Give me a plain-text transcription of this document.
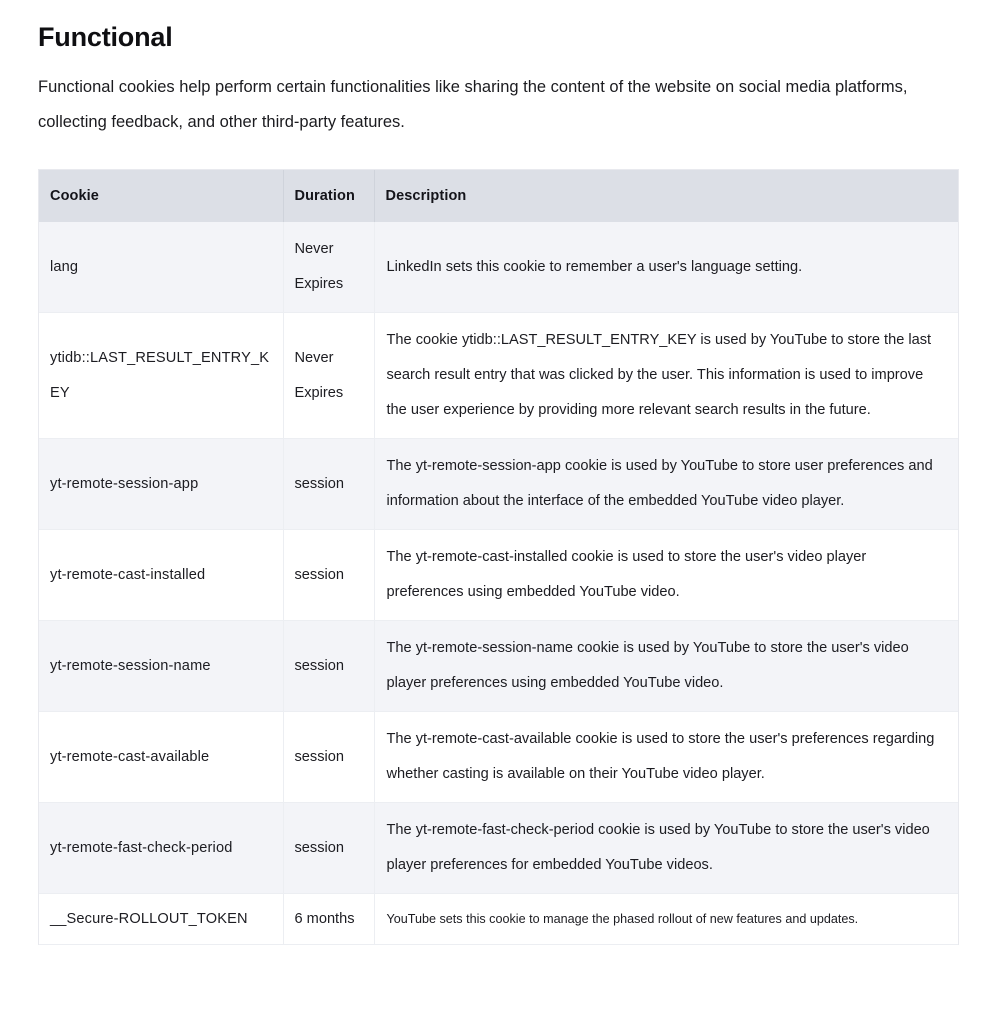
Functional

Functional cookies help perform certain functionalities like sharing the content of the website on social media platforms, collecting feedback, and other third-party features.

Cookie	Duration	Description
lang	Never Expires	LinkedIn sets this cookie to remember a user's language setting.
ytidb::LAST_RESULT_ENTRY_KEY	Never Expires	The cookie ytidb::LAST_RESULT_ENTRY_KEY is used by YouTube to store the last search result entry that was clicked by the user. This information is used to improve the user experience by providing more relevant search results in the future.
yt-remote-session-app	session	The yt-remote-session-app cookie is used by YouTube to store user preferences and information about the interface of the embedded YouTube video player.
yt-remote-cast-installed	session	The yt-remote-cast-installed cookie is used to store the user's video player preferences using embedded YouTube video.
yt-remote-session-name	session	The yt-remote-session-name cookie is used by YouTube to store the user's video player preferences using embedded YouTube video.
yt-remote-cast-available	session	The yt-remote-cast-available cookie is used to store the user's preferences regarding whether casting is available on their YouTube video player.
yt-remote-fast-check-period	session	The yt-remote-fast-check-period cookie is used by YouTube to store the user's video player preferences for embedded YouTube videos.
__Secure-ROLLOUT_TOKEN	6 months	YouTube sets this cookie to manage the phased rollout of new features and updates.
